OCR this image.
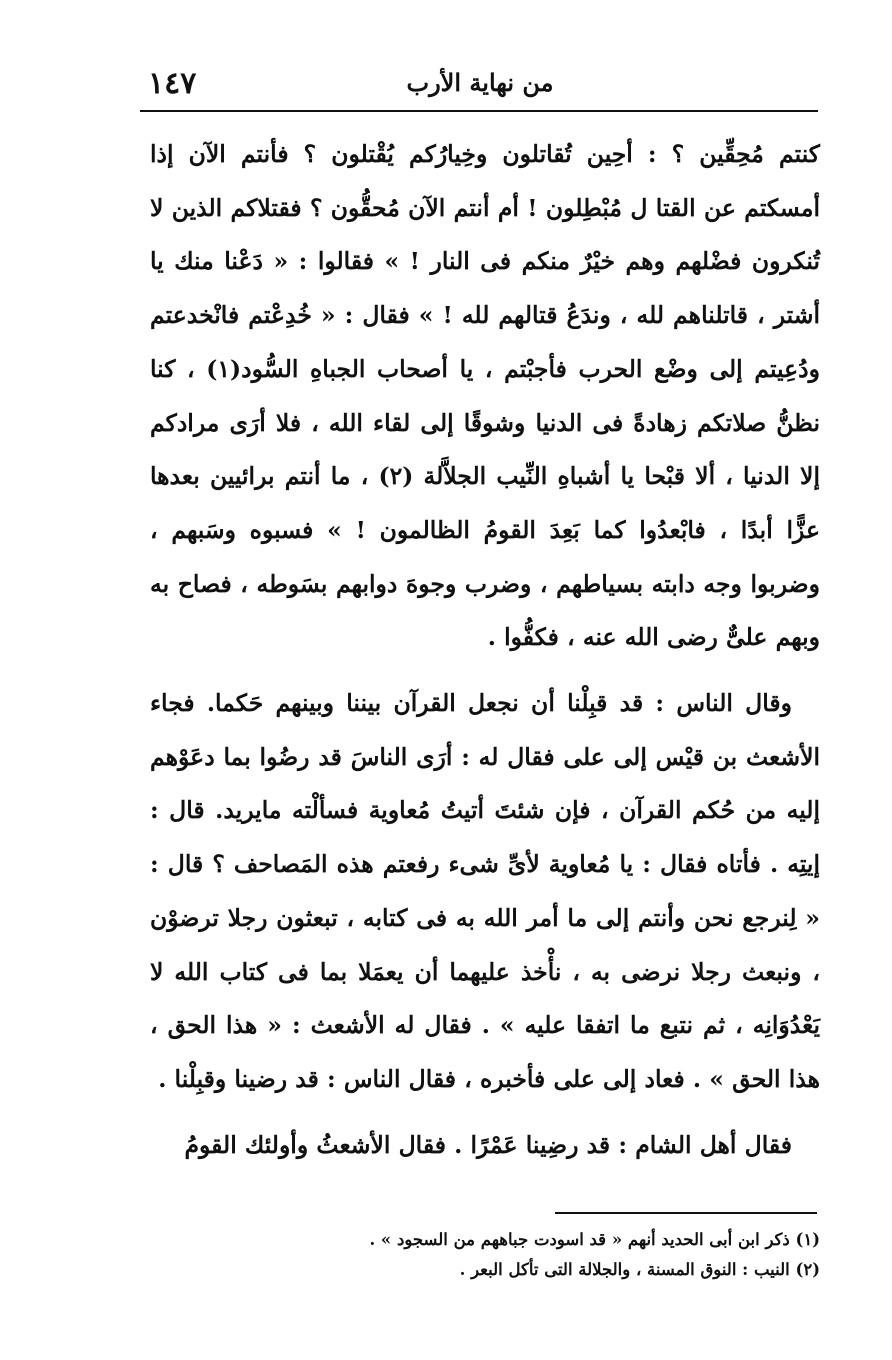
١٤٧	من نهاية الأرب

كنتم مُحِقِّين ؟ : أحِين تُقاتلون وخِيارُكم يُقْتلون ؟ فأنتم الآن إذا أمسكتم عن القتا ل مُبْطِلون ! أم أنتم الآن مُحقُّون ؟ فقتلاكم الذين لا تُنكرون فضْلهم وهم خيْرٌ منكم فى النار ! » فقالوا : « دَعْنا منك يا أشتر ، قاتلناهم لله ، وندَعُ قتالهم لله ! » فقال : « خُدِعْتم فانْخدعتم ودُعِيتم إلى وضْع الحرب فأجبْتم ، يا أصحاب الجباهِ السُّود(١) ، كنا نظنُّ صلاتكم زهادةً فى الدنيا وشوقًا إلى لقاء الله ، فلا أرَى مرادكم إلا الدنيا ، ألا قبْحا يا أشباهِ النِّيب الجلاَّلة (٢) ، ما أنتم برائيين بعدها عزًّا أبدًا ، فابْعدُوا كما بَعِدَ القومُ الظالمون ! » فسبوه وسَبهم ، وضربوا وجه دابته بسياطهم ، وضرب وجوهَ دوابهم بسَوطه ، فصاح به وبهم علىٌّ رضى الله عنه ، فكفُّوا .

وقال الناس : قد قبِلْنا أن نجعل القرآن بيننا وبينهم حَكما. فجاء الأشعث بن قيْس إلى على فقال له : أرَى الناسَ قد رضُوا بما دعَوْهم إليه من حُكم القرآن ، فإن شئتَ أتيتُ مُعاوية فسألْته مايريد. قال : إيتِه . فأتاه فقال : يا مُعاوية لأىِّ شىء رفعتم هذه المَصاحف ؟ قال : « لِنرجع نحن وأنتم إلى ما أمر الله به فى كتابه ، تبعثون رجلا ترضوْن ، ونبعث رجلا نرضى به ، نأْخذ عليهما أن يعمَلا بما فى كتاب الله لا يَعْدُوَانِه ، ثم نتبع ما اتفقا عليه » . فقال له الأشعث : « هذا الحق ، هذا الحق » . فعاد إلى على فأخبره ، فقال الناس : قد رضينا وقبِلْنا .

فقال أهل الشام : قد رضِينا عَمْرًا . فقال الأشعثُ وأولئك القومُ

(١) ذكر ابن أبى الحديد أنهم « قد اسودت جباههم من السجود » .

(٢) النيب : النوق المسنة ، والجلالة التى تأكل البعر .
